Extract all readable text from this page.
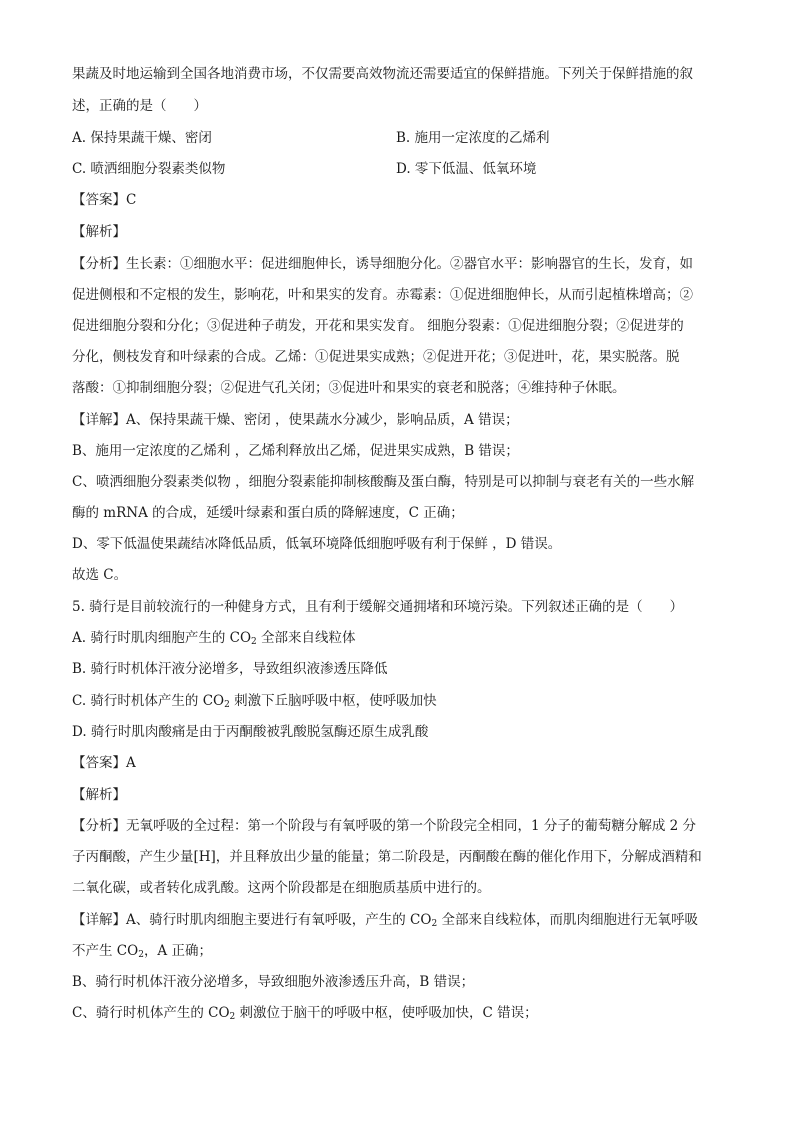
果蔬及时地运输到全国各地消费市场，不仅需要高效物流还需要适宜的保鲜措施。下列关于保鲜措施的叙
述，正确的是（　　）
A. 保持果蔬干燥、密闭	B. 施用一定浓度的乙烯利
C. 喷洒细胞分裂素类似物	D. 零下低温、低氧环境
【答案】C
【解析】
【分析】生长素：①细胞水平：促进细胞伸长，诱导细胞分化。②器官水平：影响器官的生长，发育，如
促进侧根和不定根的发生，影响花，叶和果实的发育。赤霉素：①促进细胞伸长，从而引起植株增高；②
促进细胞分裂和分化；③促进种子萌发，开花和果实发育。 细胞分裂素：①促进细胞分裂；②促进芽的
分化，侧枝发育和叶绿素的合成。乙烯：①促进果实成熟；②促进开花；③促进叶，花，果实脱落。脱
落酸：①抑制细胞分裂；②促进气孔关闭；③促进叶和果实的衰老和脱落；④维持种子休眠。
【详解】A、保持果蔬干燥、密闭 ，使果蔬水分减少，影响品质，A 错误；
B、施用一定浓度的乙烯利 ，乙烯利释放出乙烯，促进果实成熟，B 错误；
C、喷洒细胞分裂素类似物 ，细胞分裂素能抑制核酸酶及蛋白酶，特别是可以抑制与衰老有关的一些水解
酶的 mRNA 的合成，延缓叶绿素和蛋白质的降解速度，C 正确；
D、零下低温使果蔬结冰降低品质，低氧环境降低细胞呼吸有利于保鲜 ，D 错误。
故选 C。
5. 骑行是目前较流行的一种健身方式，且有利于缓解交通拥堵和环境污染。下列叙述正确的是（　　）
A. 骑行时肌肉细胞产生的 $CO_2$ 全部来自线粒体
B. 骑行时机体汗液分泌增多，导致组织液渗透压降低
C. 骑行时机体产生的 $CO_2$ 刺激下丘脑呼吸中枢，使呼吸加快
D. 骑行时肌肉酸痛是由于丙酮酸被乳酸脱氢酶还原生成乳酸
【答案】A
【解析】
【分析】无氧呼吸的全过程：第一个阶段与有氧呼吸的第一个阶段完全相同，1 分子的葡萄糖分解成 2 分
子丙酮酸，产生少量[H]，并且释放出少量的能量；第二阶段是，丙酮酸在酶的催化作用下，分解成酒精和
二氧化碳，或者转化成乳酸。这两个阶段都是在细胞质基质中进行的。
【详解】A、骑行时肌肉细胞主要进行有氧呼吸，产生的 $CO_2$ 全部来自线粒体，而肌肉细胞进行无氧呼吸
不产生 $CO_2$，A 正确；
B、骑行时机体汗液分泌增多，导致细胞外液渗透压升高，B 错误；
C、骑行时机体产生的 $CO_2$ 刺激位于脑干的呼吸中枢，使呼吸加快，C 错误；
